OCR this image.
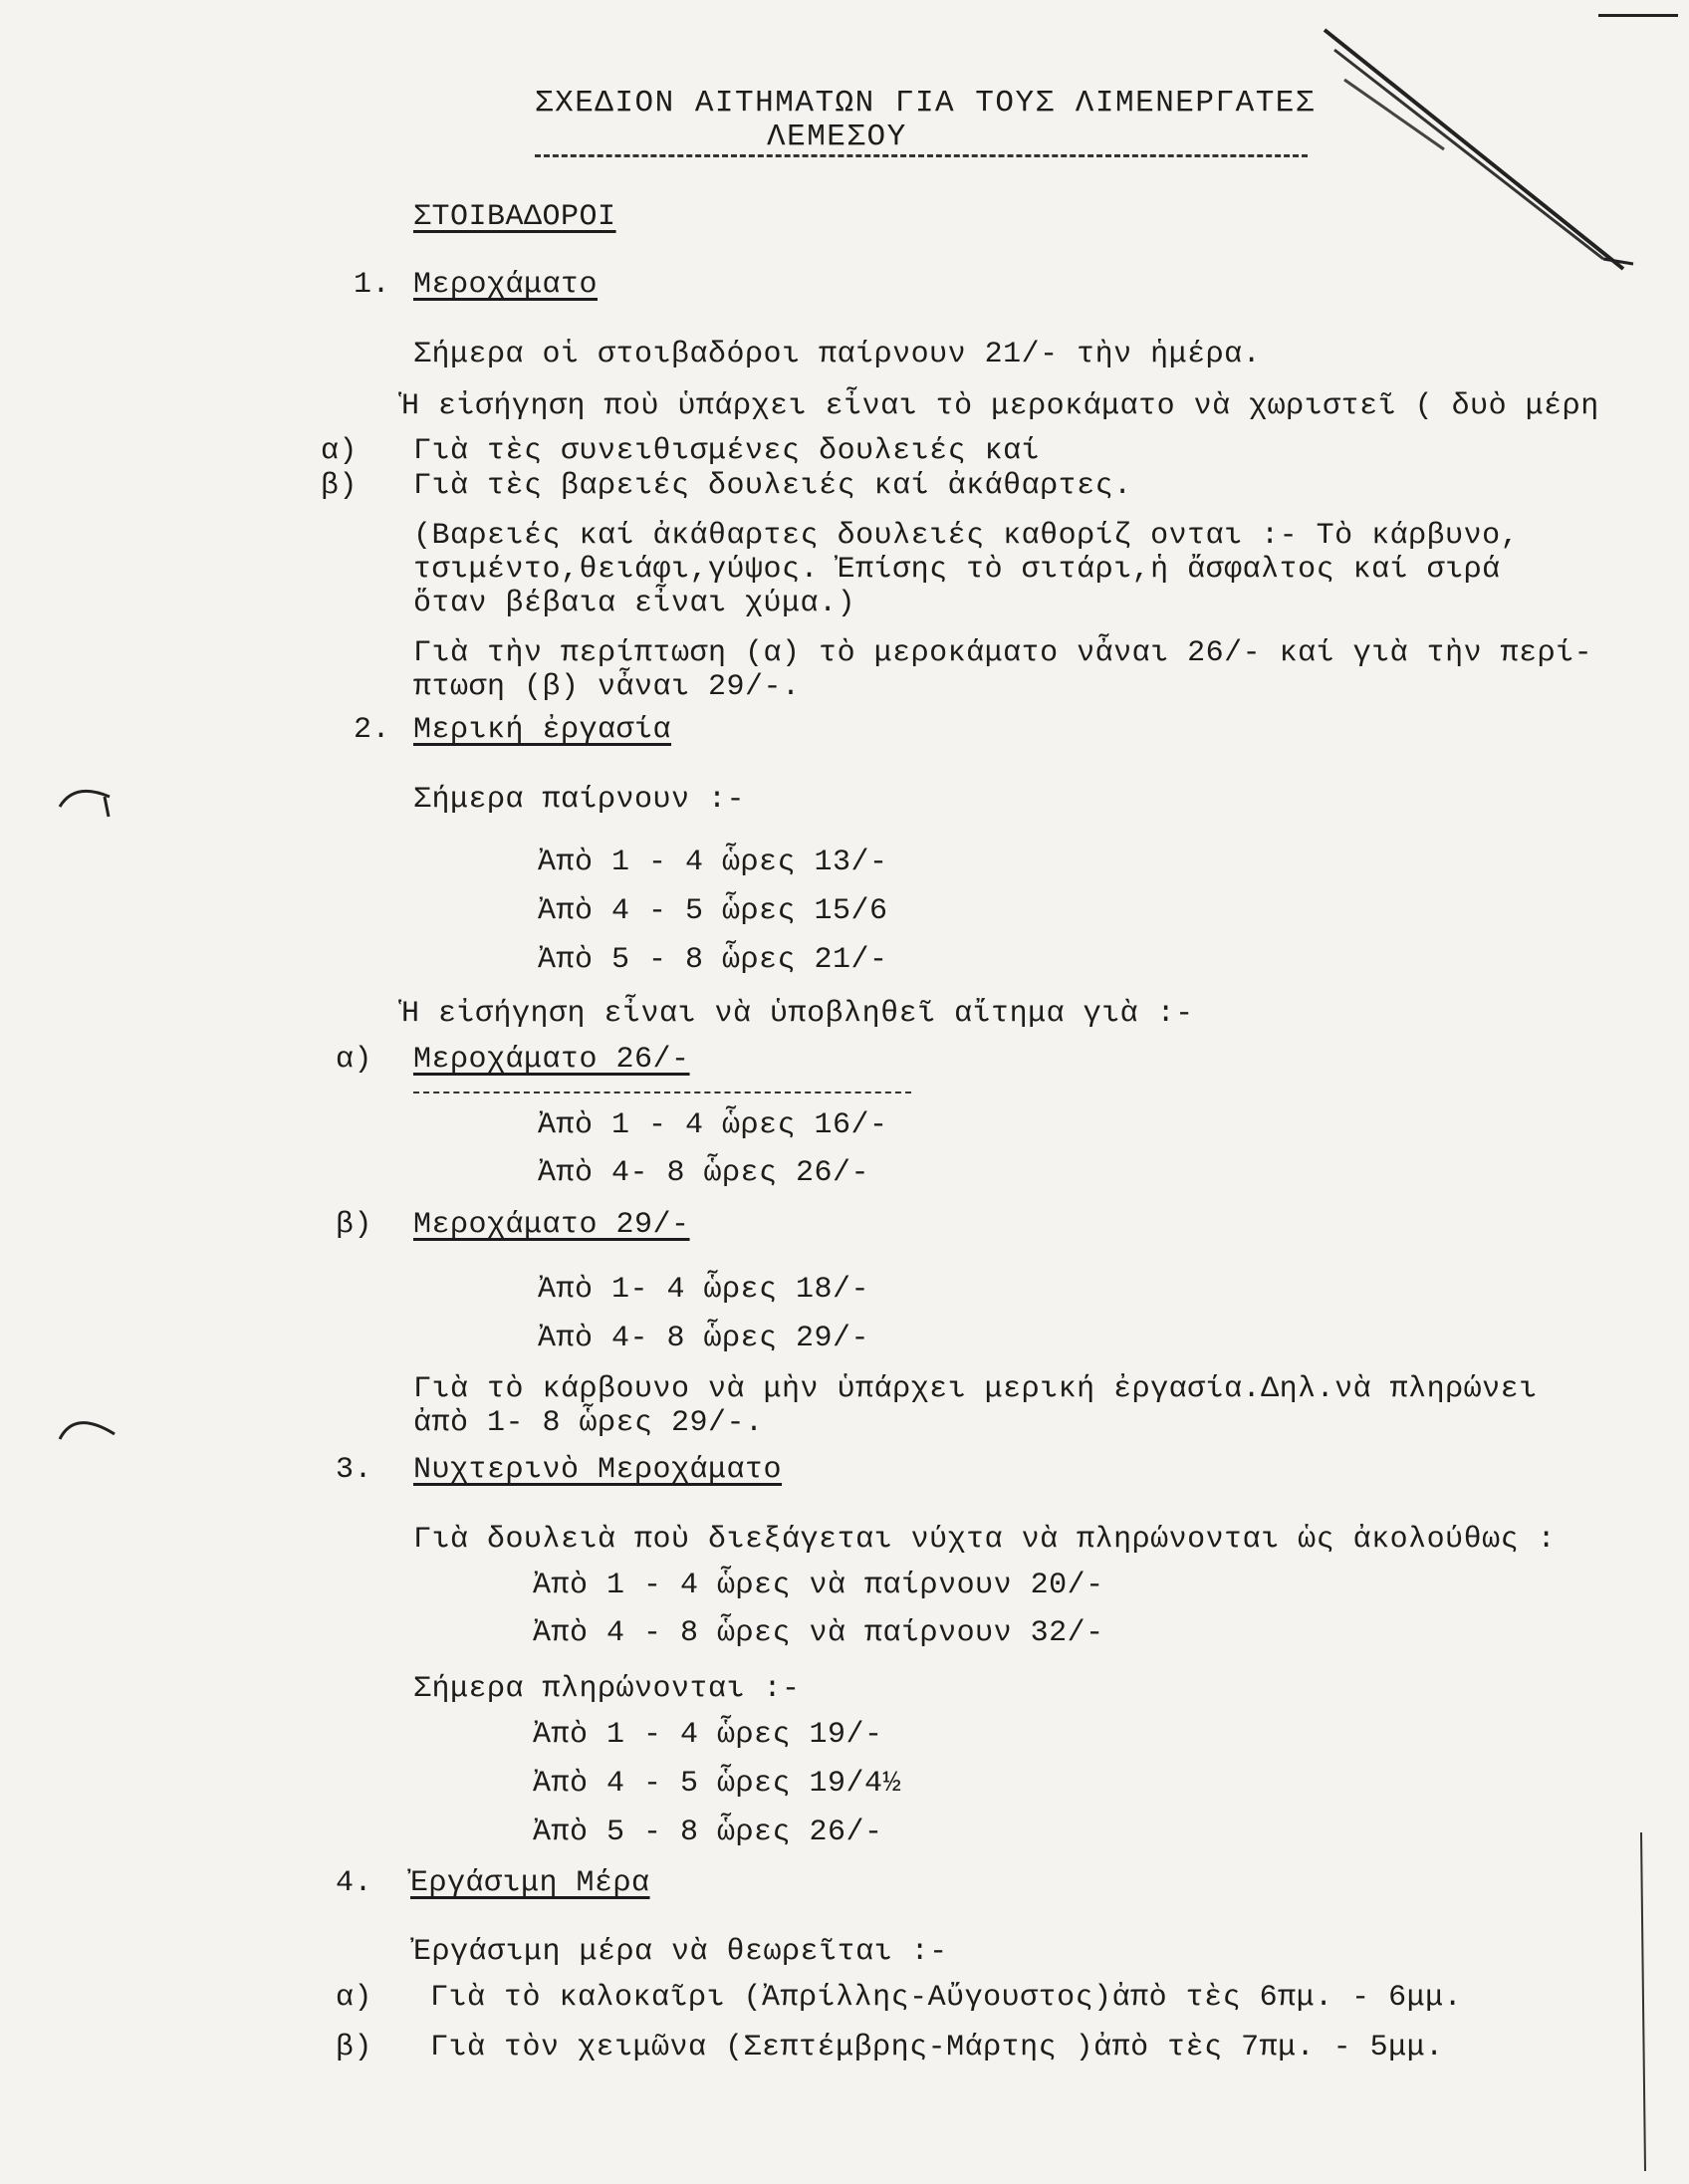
ΣΧΕΔΙΟΝ ΑΙΤΗΜΑΤΩΝ ΓΙΑ ΤΟΥΣ ΛΙΜΕΝΕΡΓΑΤΕΣ
ΛΕΜΕΣΟΥ
ΣΤΟΙΒΑΔΟΡΟΙ
1. Μεροχάματο
Σήμερα οἱ στοιβαδόροι παίρνουν 21/- τὴν ἡμέρα.
Ἡ εἰσήγηση ποὺ ὑπάρχει εἶναι τὸ μεροκάματο νὰ χωριστεῖ ( δυὸ μέρη
α) Γιὰ τὲς συνειθισμένες δουλειές καί
β) Γιὰ τὲς βαρειές δουλειές καί ἀκάθαρτες.
(Βαρειές καί ἀκάθαρτες δουλειές καθορίζ ονται :- Τὸ κάρβυνο,
τσιμέντο,θειάφι,γύψος. Ἐπίσης τὸ σιτάρι,ἡ ἄσφαλτος καί σιρά
ὅταν βέβαια εἶναι χύμα.)
Γιὰ τὴν περίπτωση (α) τὸ μεροκάματο νἆναι 26/- καί γιὰ τὴν περί-
πτωση (β) νἆναι 29/-.
2. Μερική ἐργασία
Σήμερα παίρνουν :-
Ἀπὸ 1 - 4 ὧρες 13/-
Ἀπὸ 4 - 5 ὧρες 15/6
Ἀπὸ 5 - 8 ὧρες 21/-
Ἡ εἰσήγηση εἶναι νὰ ὑποβληθεῖ αἴτημα γιὰ :-
α) Μεροχάματο 26/-
Ἀπὸ 1 - 4 ὧρες 16/-
Ἀπὸ 4- 8 ὧρες 26/-
β) Μεροχάματο 29/-
Ἀπὸ 1- 4 ὧρες 18/-
Ἀπὸ 4- 8 ὧρες 29/-
Γιὰ τὸ κάρβουνο νὰ μὴν ὑπάρχει μερική ἐργασία.Δηλ.νὰ πληρώνει
ἀπὸ 1- 8 ὧρες 29/-.
3. Νυχτερινὸ Μεροχάματο
Γιὰ δουλειὰ ποὺ διεξάγεται νύχτα νὰ πληρώνονται ὡς ἀκολούθως :
Ἀπὸ 1 - 4 ὧρες νὰ παίρνουν 20/-
Ἀπὸ 4 - 8 ὧρες νὰ παίρνουν 32/-
Σήμερα πληρώνονται :-
Ἀπὸ 1 - 4 ὧρες 19/-
Ἀπὸ 4 - 5 ὧρες 19/4½
Ἀπὸ 5 - 8 ὧρες 26/-
4. Ἐργάσιμη Μέρα
Ἐργάσιμη μέρα νὰ θεωρεῖται :-
α) Γιὰ τὸ καλοκαῖρι (Ἀπρίλλης-Αὔγουστος)ἀπὸ τὲς 6πμ. - 6μμ.
β) Γιὰ τὸν χειμῶνα (Σεπτέμβρης-Μάρτης )ἀπὸ τὲς 7πμ. - 5μμ.
